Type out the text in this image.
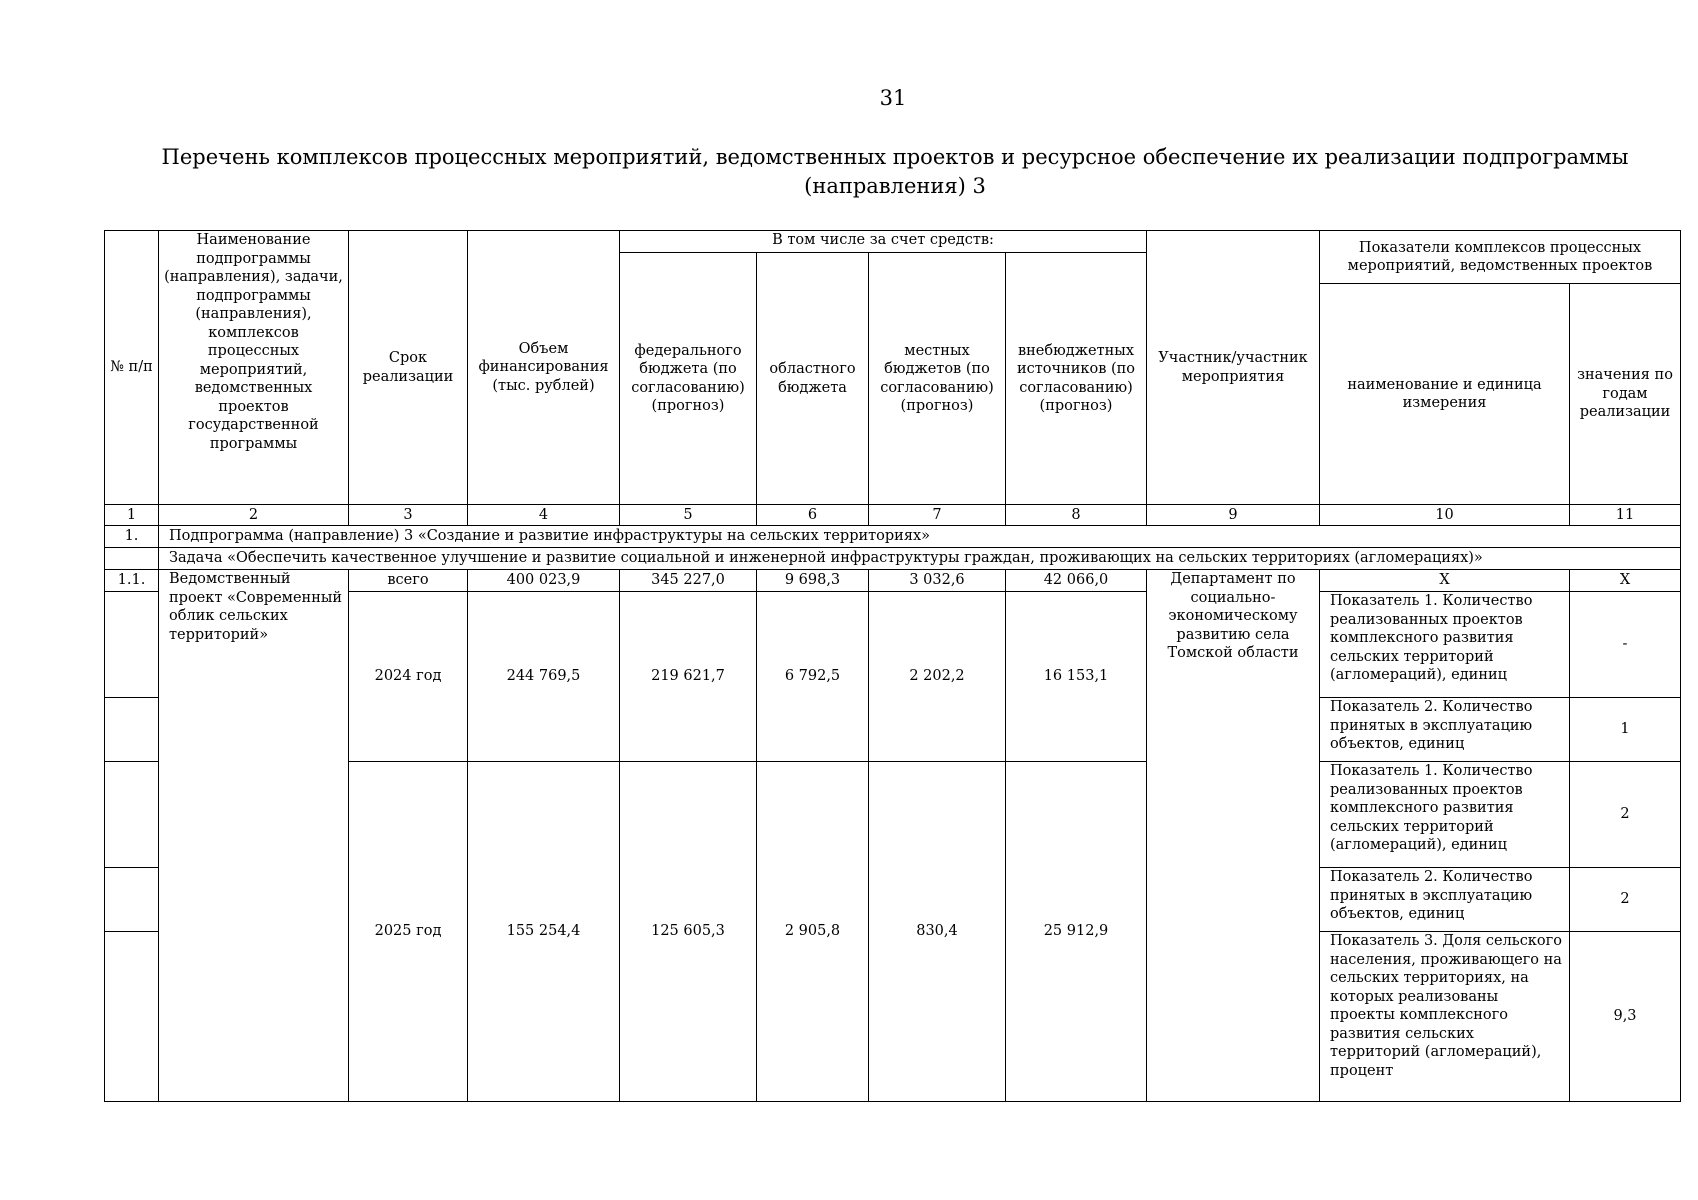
31
Перечень комплексов процессных мероприятий, ведомственных проектов и ресурсное обеспечение их реализации подпрограммы
(направления) 3
№ п/п	Наименование подпрограммы (направления), задачи, подпрограммы (направления), комплексов процессных мероприятий, ведомственных проектов государственной программы	Срок реализации	Объем финансирования (тыс. рублей)	В том числе за счет средств:				Участник/участник мероприятия	Показатели комплексов процессных мероприятий, ведомственных проектов	
				федерального бюджета (по согласованию) (прогноз)	областного бюджета	местных бюджетов (по согласованию) (прогноз)	внебюджетных источников (по согласованию) (прогноз)			
									наименование и единица измерения	значения по годам реализации
1	2	3	4	5	6	7	8	9	10	11
1.	Подпрограмма (направление) 3 «Создание и развитие инфраструктуры на сельских территориях»									
	Задача «Обеспечить качественное улучшение и развитие социальной и инженерной инфраструктуры граждан, проживающих на сельских территориях (агломерациях)»									
1.1.	Ведомственный проект «Современный облик сельских территорий»	всего	400 023,9	345 227,0	9 698,3	3 032,6	42 066,0	Департамент по социально-экономическому развитию села Томской области	Х	Х
		2024 год	244 769,5	219 621,7	6 792,5	2 202,2	16 153,1		Показатель 1. Количество реализованных проектов комплексного развития сельских территорий (агломераций), единиц	-
									Показатель 2. Количество принятых в эксплуатацию объектов, единиц	1
		2025 год	155 254,4	125 605,3	2 905,8	830,4	25 912,9		Показатель 1. Количество реализованных проектов комплексного развития сельских территорий (агломераций), единиц	2
									Показатель 2. Количество принятых в эксплуатацию объектов, единиц	2
									Показатель 3. Доля сельского населения, проживающего на сельских территориях, на которых реализованы проекты комплексного развития сельских территорий (агломераций), процент	9,3
